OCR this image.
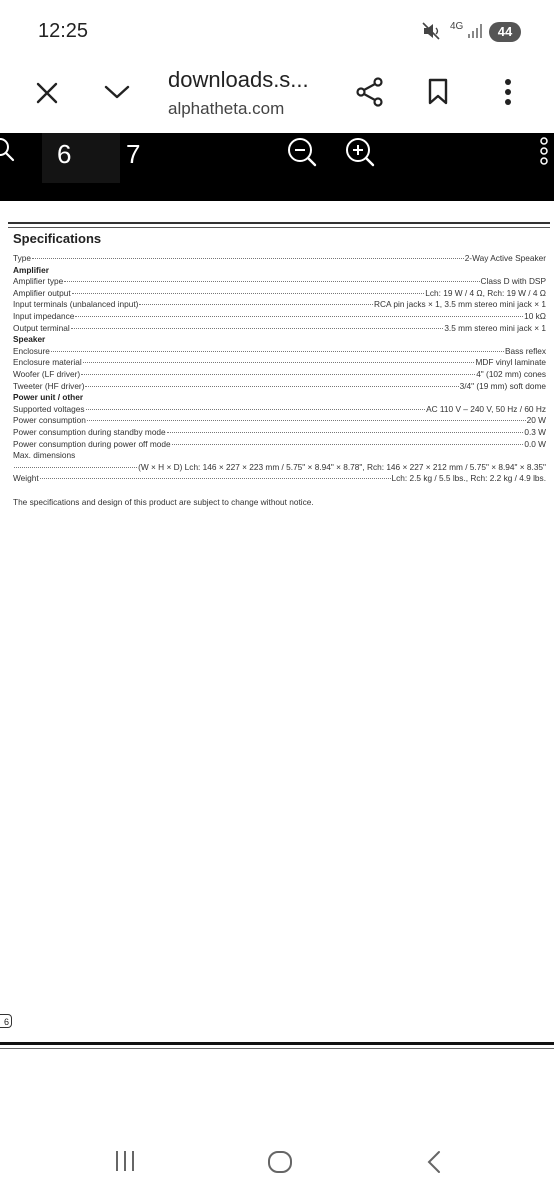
12:25	4G	44
downloads.s...
alphatheta.com
6 7
Specifications
Type	2-Way Active Speaker
Amplifier
Amplifier type	Class D with DSP
Amplifier output	Lch: 19 W / 4 Ω, Rch: 19 W / 4 Ω
Input terminals (unbalanced input)	RCA pin jacks × 1, 3.5 mm stereo mini jack × 1
Input impedance	10 kΩ
Output terminal	3.5 mm stereo mini jack × 1
Speaker
Enclosure	Bass reflex
Enclosure material	MDF vinyl laminate
Woofer (LF driver)	4" (102 mm) cones
Tweeter (HF driver)	3/4" (19 mm) soft dome
Power unit / other
Supported voltages	AC 110 V – 240 V, 50 Hz / 60 Hz
Power consumption	20 W
Power consumption during standby mode	0.3 W
Power consumption during power off mode	0.0 W
Max. dimensions
(W × H × D) Lch: 146 × 227 × 223 mm / 5.75" × 8.94" × 8.78", Rch: 146 × 227 × 212 mm / 5.75" × 8.94" × 8.35"
Weight	Lch: 2.5 kg / 5.5 lbs., Rch: 2.2 kg / 4.9 lbs.
The specifications and design of this product are subject to change without notice.
6
